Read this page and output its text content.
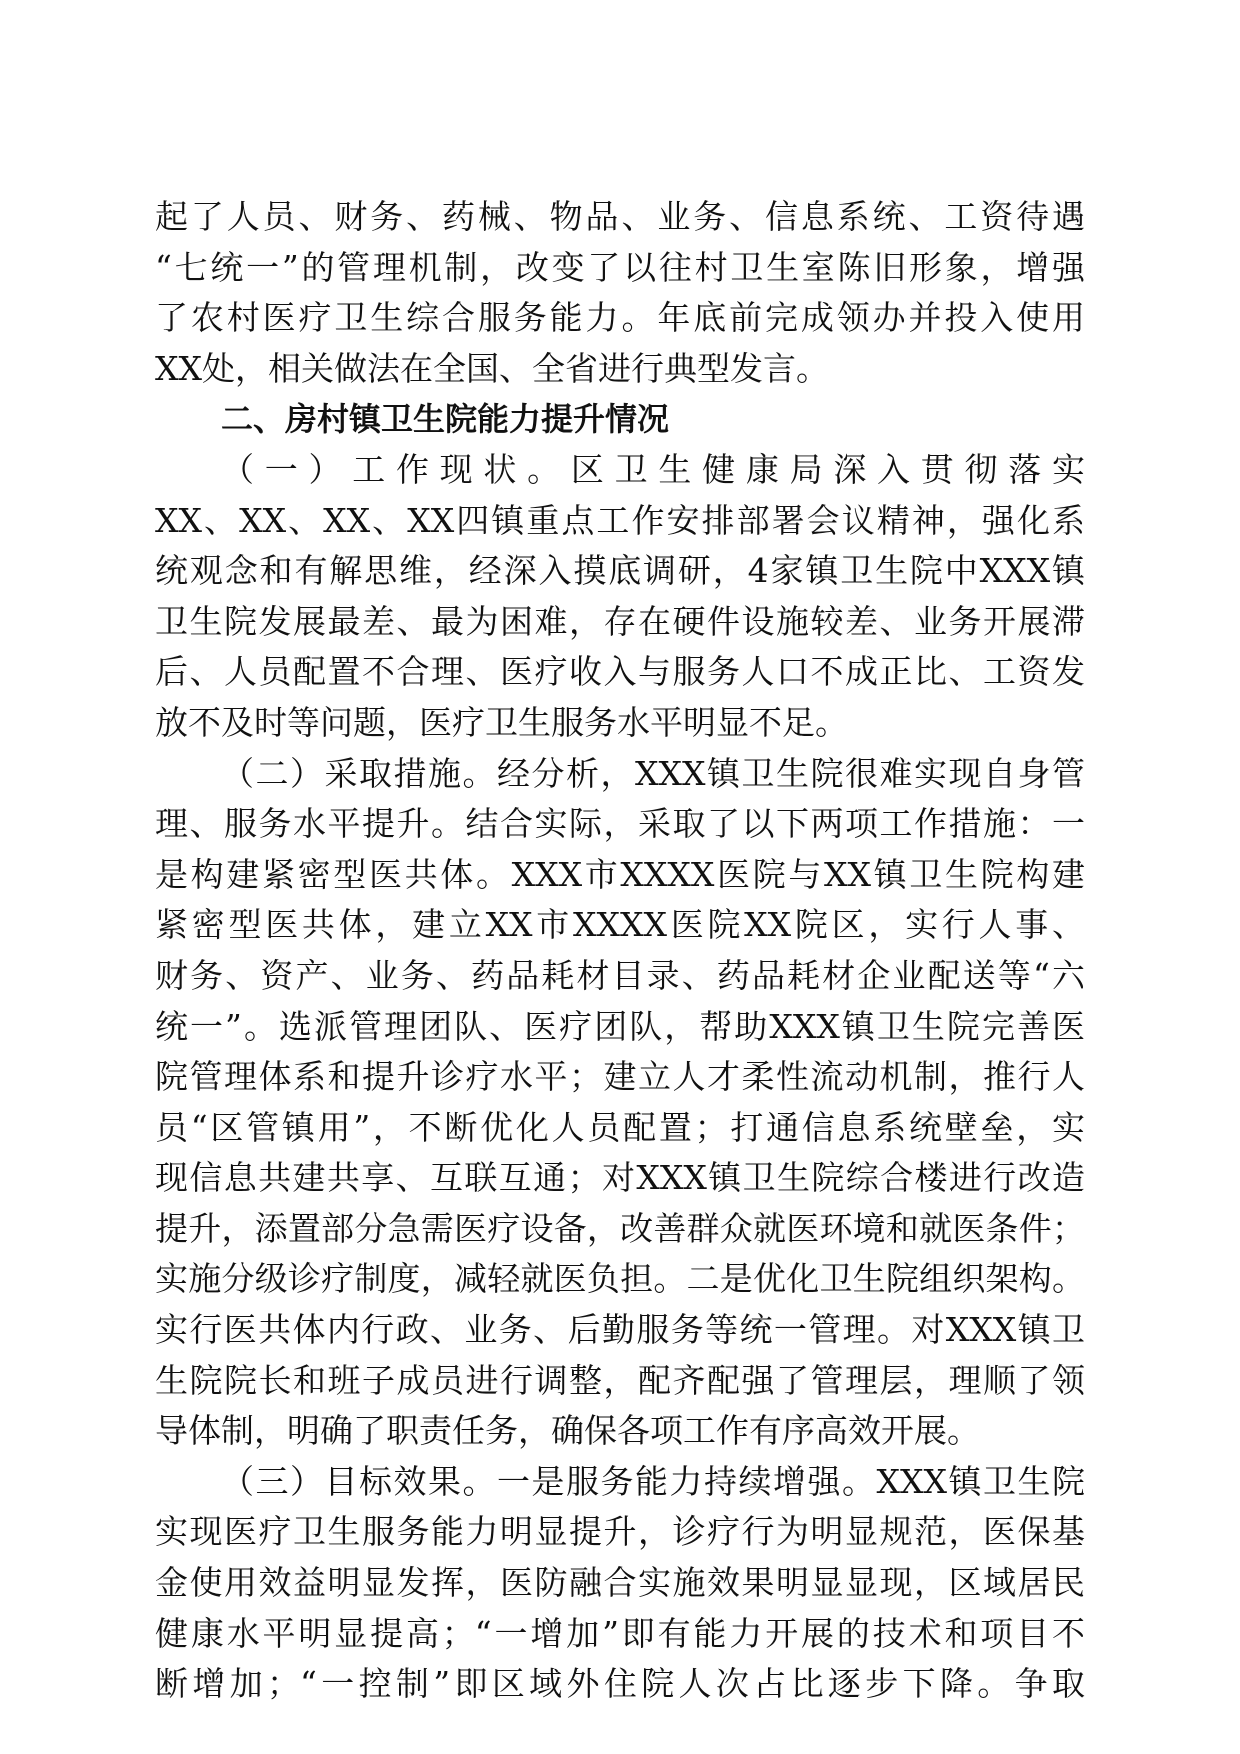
起了人员、财务、药械、物品、业务、信息系统、工资待遇
“七统一”的管理机制，改变了以往村卫生室陈旧形象，增强
了农村医疗卫生综合服务能力。年底前完成领办并投入使用
XX处，相关做法在全国、全省进行典型发言。
二、房村镇卫生院能力提升情况
（一）工作现状。区卫生健康局深入贯彻落实
XX、XX、XX、XX四镇重点工作安排部署会议精神，强化系
统观念和有解思维，经深入摸底调研，4家镇卫生院中XXX镇
卫生院发展最差、最为困难，存在硬件设施较差、业务开展滞
后、人员配置不合理、医疗收入与服务人口不成正比、工资发
放不及时等问题，医疗卫生服务水平明显不足。
（二）采取措施。经分析，XXX镇卫生院很难实现自身管
理、服务水平提升。结合实际，采取了以下两项工作措施：一
是构建紧密型医共体。XXX市XXXX医院与XX镇卫生院构建
紧密型医共体，建立XX市XXXX医院XX院区，实行人事、
财务、资产、业务、药品耗材目录、药品耗材企业配送等“六
统一”。选派管理团队、医疗团队，帮助XXX镇卫生院完善医
院管理体系和提升诊疗水平；建立人才柔性流动机制，推行人
员“区管镇用”，不断优化人员配置；打通信息系统壁垒，实
现信息共建共享、互联互通；对XXX镇卫生院综合楼进行改造
提升，添置部分急需医疗设备，改善群众就医环境和就医条件；
实施分级诊疗制度，减轻就医负担。二是优化卫生院组织架构。
实行医共体内行政、业务、后勤服务等统一管理。对XXX镇卫
生院院长和班子成员进行调整，配齐配强了管理层，理顺了领
导体制，明确了职责任务，确保各项工作有序高效开展。
（三）目标效果。一是服务能力持续增强。XXX镇卫生院
实现医疗卫生服务能力明显提升，诊疗行为明显规范，医保基
金使用效益明显发挥，医防融合实施效果明显显现，区域居民
健康水平明显提高；“一增加”即有能力开展的技术和项目不
断增加；“一控制”即区域外住院人次占比逐步下降。争取
